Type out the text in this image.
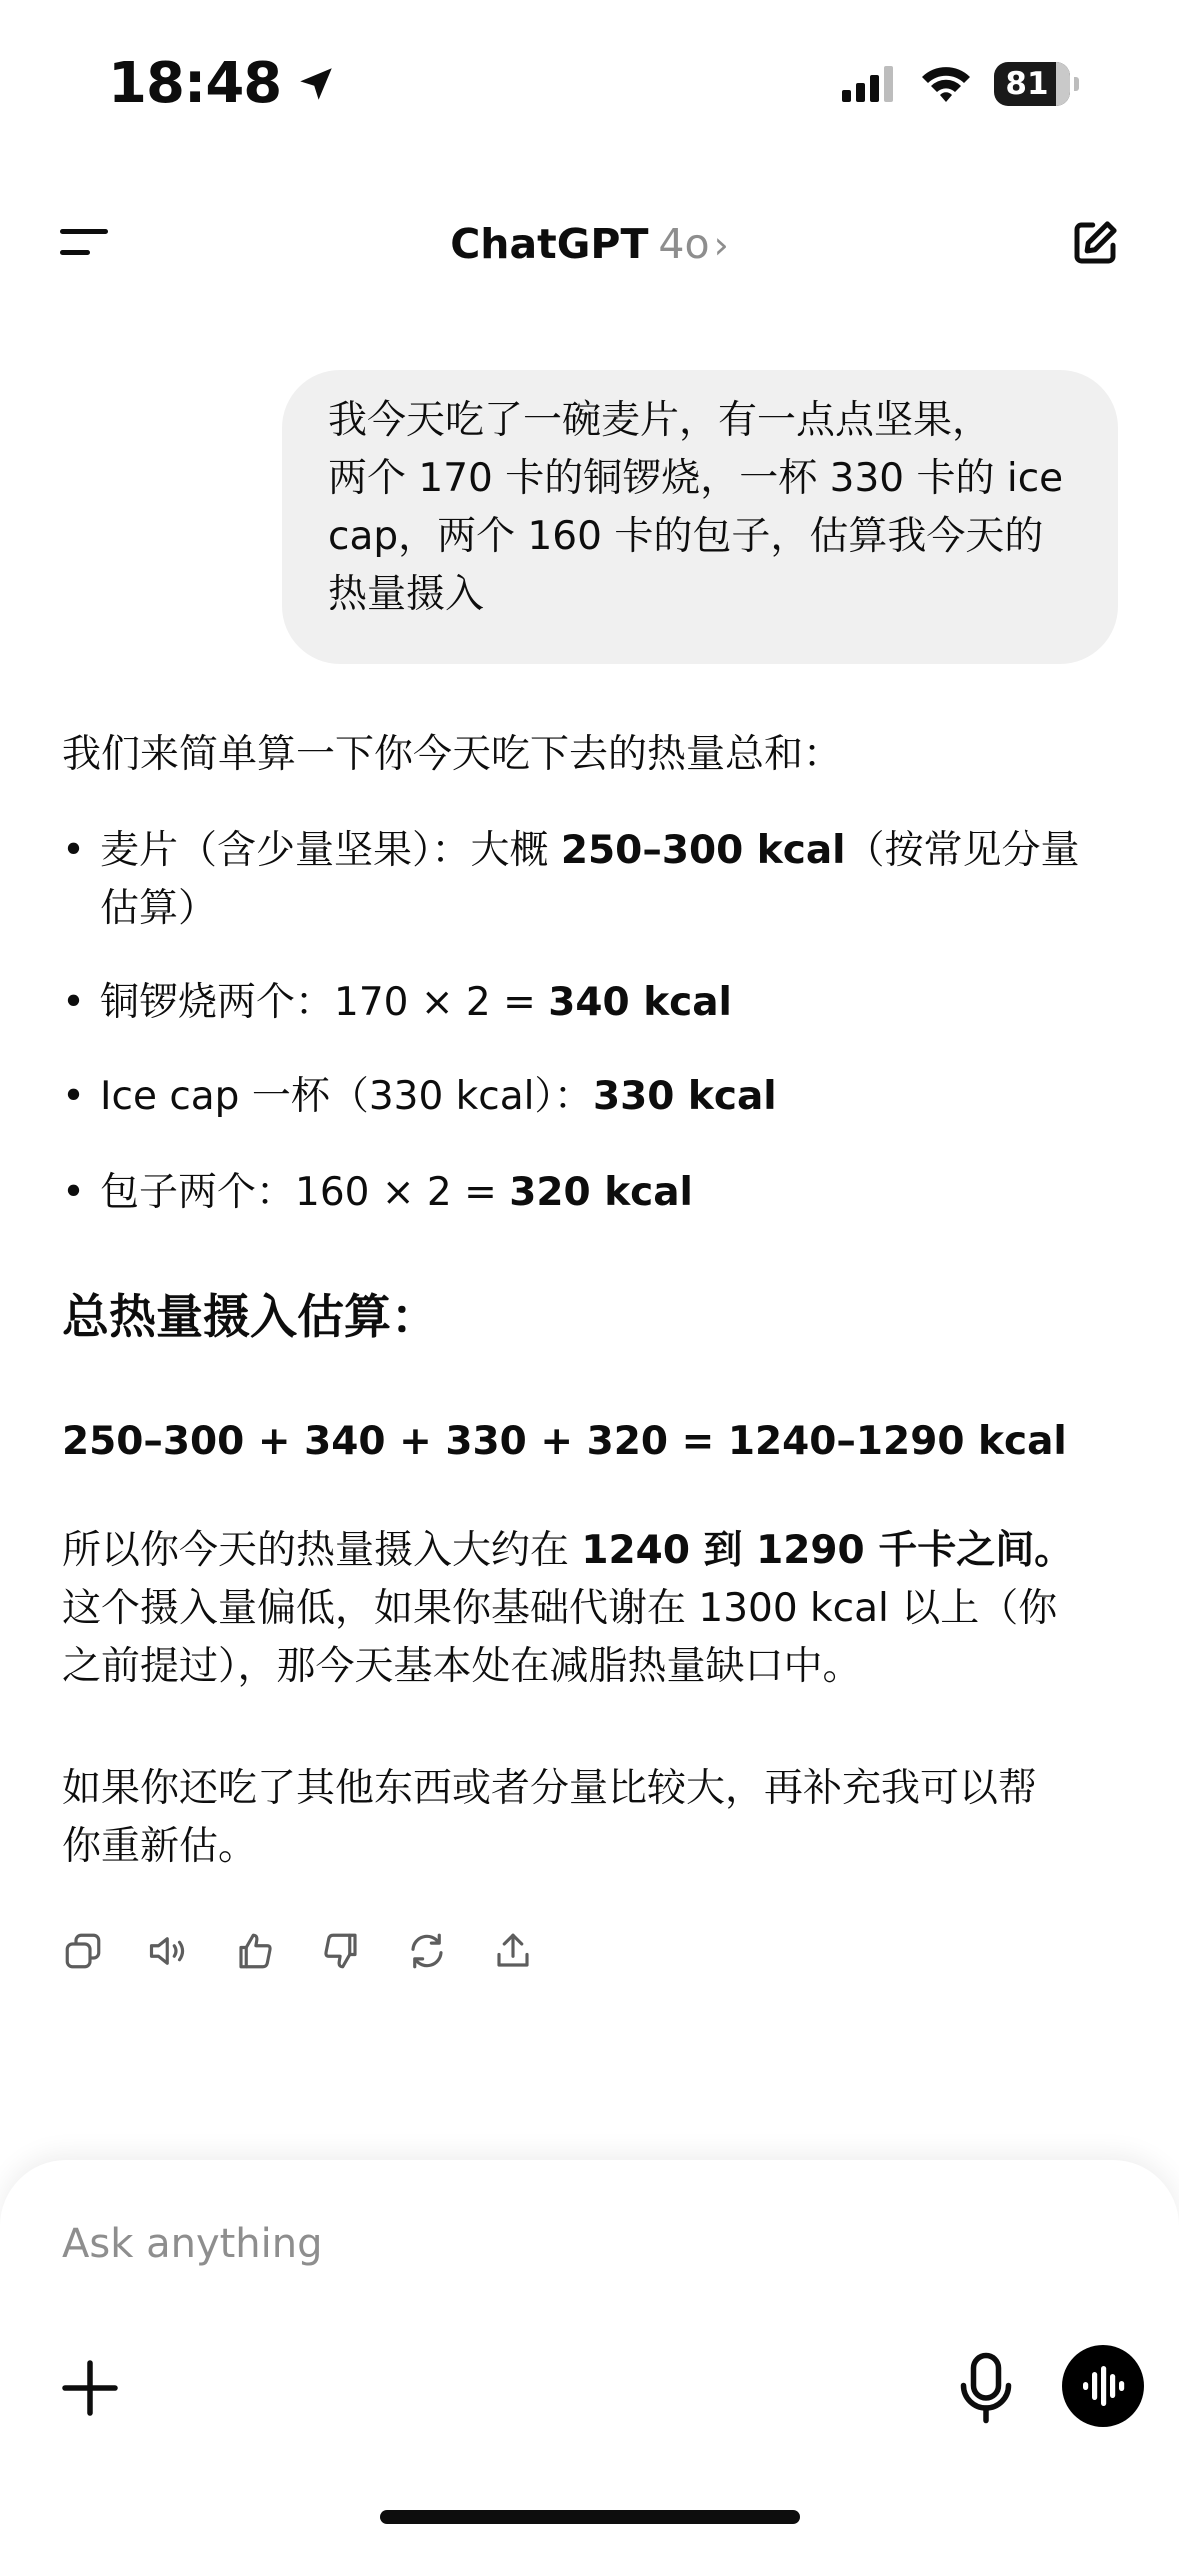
18:48	81
ChatGPT 4o ›
我今天吃了一碗麦片，有一点点坚果，
两个 170 卡的铜锣烧，一杯 330 卡的 ice
cap，两个 160 卡的包子，估算我今天的
热量摄入
我们来简单算一下你今天吃下去的热量总和：
• 麦片（含少量坚果）：大概 250–300 kcal（按常见分量
估算）
• 铜锣烧两个：170 × 2 = 340 kcal
• Ice cap 一杯（330 kcal）：330 kcal
• 包子两个：160 × 2 = 320 kcal
总热量摄入估算：
250–300 + 340 + 330 + 320 = 1240–1290 kcal
所以你今天的热量摄入大约在 1240 到 1290 千卡之间。
这个摄入量偏低，如果你基础代谢在 1300 kcal 以上（你
之前提过），那今天基本处在减脂热量缺口中。
如果你还吃了其他东西或者分量比较大，再补充我可以帮
你重新估。
Ask anything
